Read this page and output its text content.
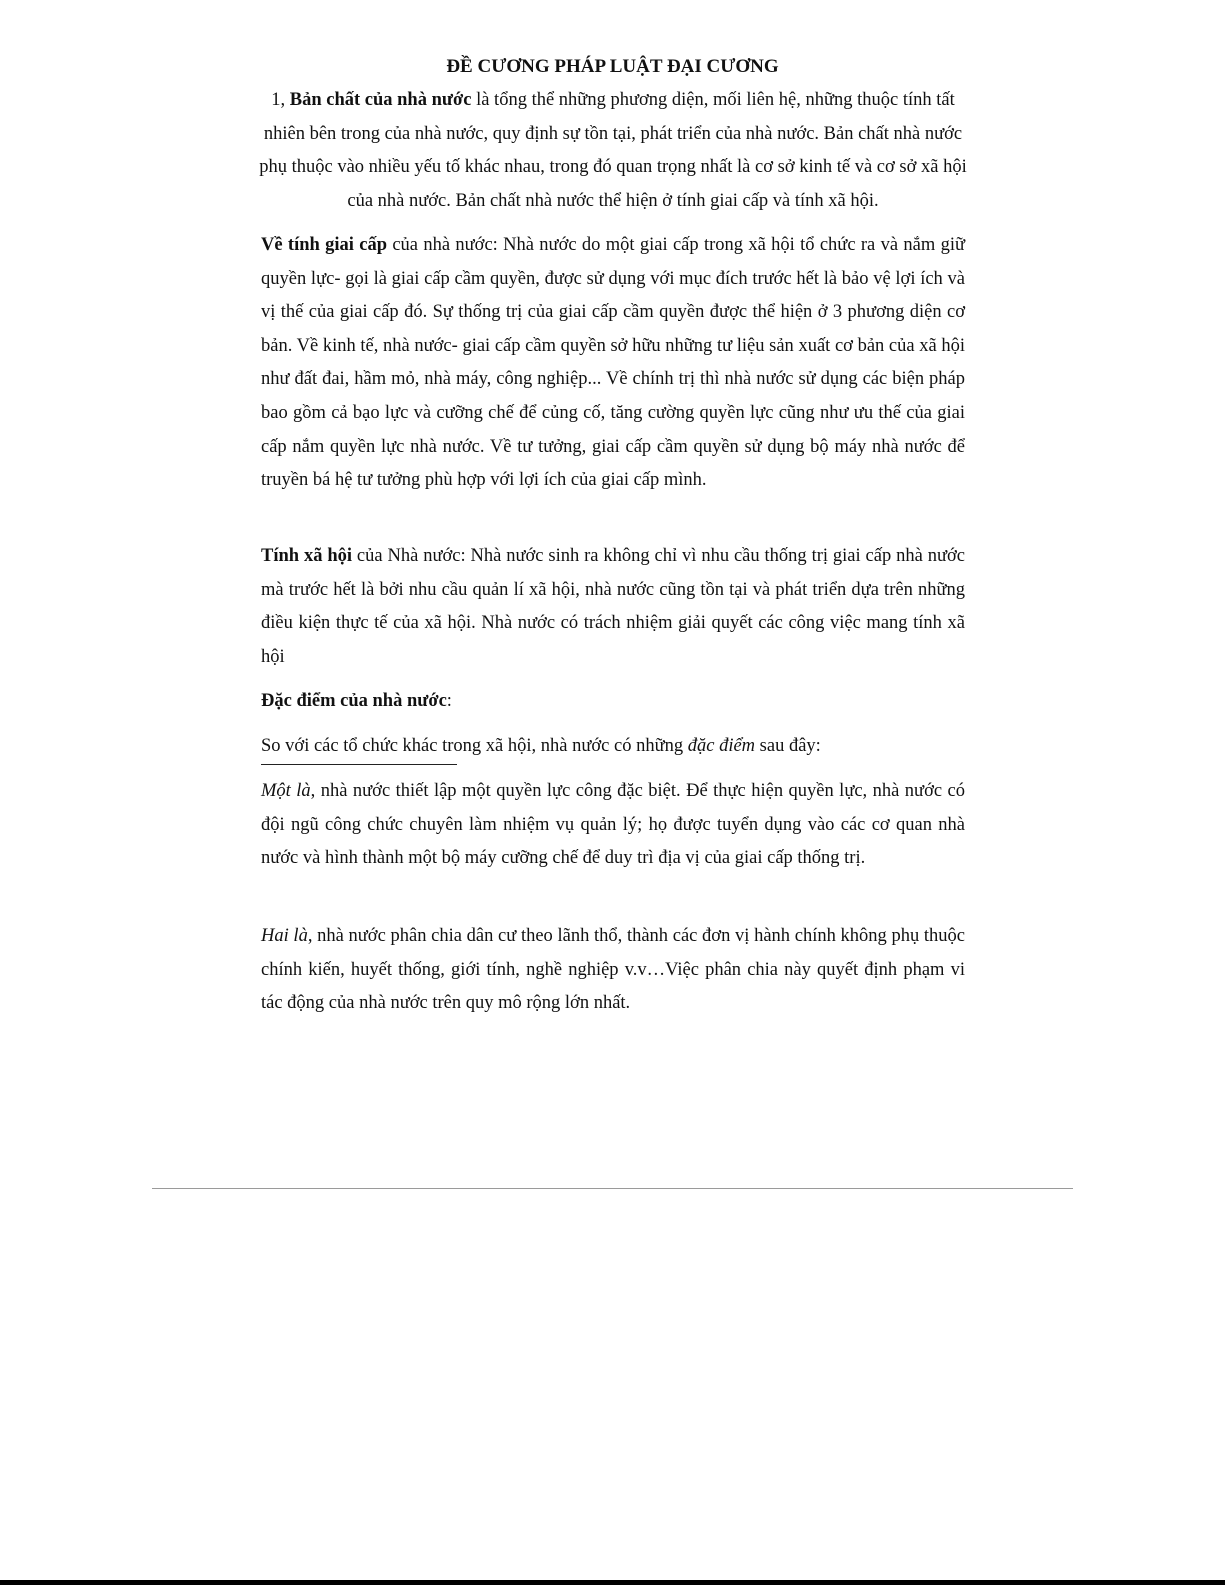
ĐỀ CƯƠNG PHÁP LUẬT ĐẠI CƯƠNG

1, Bản chất của nhà nước là tổng thể những phương diện, mối liên hệ, những thuộc tính tất nhiên bên trong của nhà nước, quy định sự tồn tại, phát triển của nhà nước. Bản chất nhà nước phụ thuộc vào nhiều yếu tố khác nhau, trong đó quan trọng nhất là cơ sở kinh tế và cơ sở xã hội của nhà nước. Bản chất nhà nước thể hiện ở tính giai cấp và tính xã hội.

Về tính giai cấp của nhà nước: Nhà nước do một giai cấp trong xã hội tổ chức ra và nắm giữ quyền lực- gọi là giai cấp cầm quyền, được sử dụng với mục đích trước hết là bảo vệ lợi ích và vị thế của giai cấp đó. Sự thống trị của giai cấp cầm quyền được thể hiện ở 3 phương diện cơ bản. Về kinh tế, nhà nước- giai cấp cầm quyền sở hữu những tư liệu sản xuất cơ bản của xã hội như đất đai, hầm mỏ, nhà máy, công nghiệp... Về chính trị thì nhà nước sử dụng các biện pháp bao gồm cả bạo lực và cưỡng chế để củng cố, tăng cường quyền lực cũng như ưu thế của giai cấp nắm quyền lực nhà nước. Về tư tưởng, giai cấp cầm quyền sử dụng bộ máy nhà nước để truyền bá hệ tư tưởng phù hợp với lợi ích của giai cấp mình.

Tính xã hội của Nhà nước: Nhà nước sinh ra không chỉ vì nhu cầu thống trị giai cấp nhà nước mà trước hết là bởi nhu cầu quản lí xã hội, nhà nước cũng tồn tại và phát triển dựa trên những điều kiện thực tế của xã hội. Nhà nước có trách nhiệm giải quyết các công việc mang tính xã hội

Đặc điểm của nhà nước:

So với các tổ chức khác trong xã hội, nhà nước có những đặc điểm sau đây:

Một là, nhà nước thiết lập một quyền lực công đặc biệt. Để thực hiện quyền lực, nhà nước có đội ngũ công chức chuyên làm nhiệm vụ quản lý; họ được tuyển dụng vào các cơ quan nhà nước và hình thành một bộ máy cưỡng chế để duy trì địa vị của giai cấp thống trị.

Hai là, nhà nước phân chia dân cư theo lãnh thổ, thành các đơn vị hành chính không phụ thuộc chính kiến, huyết thống, giới tính, nghề nghiệp v.v…Việc phân chia này quyết định phạm vi tác động của nhà nước trên quy mô rộng lớn nhất.
